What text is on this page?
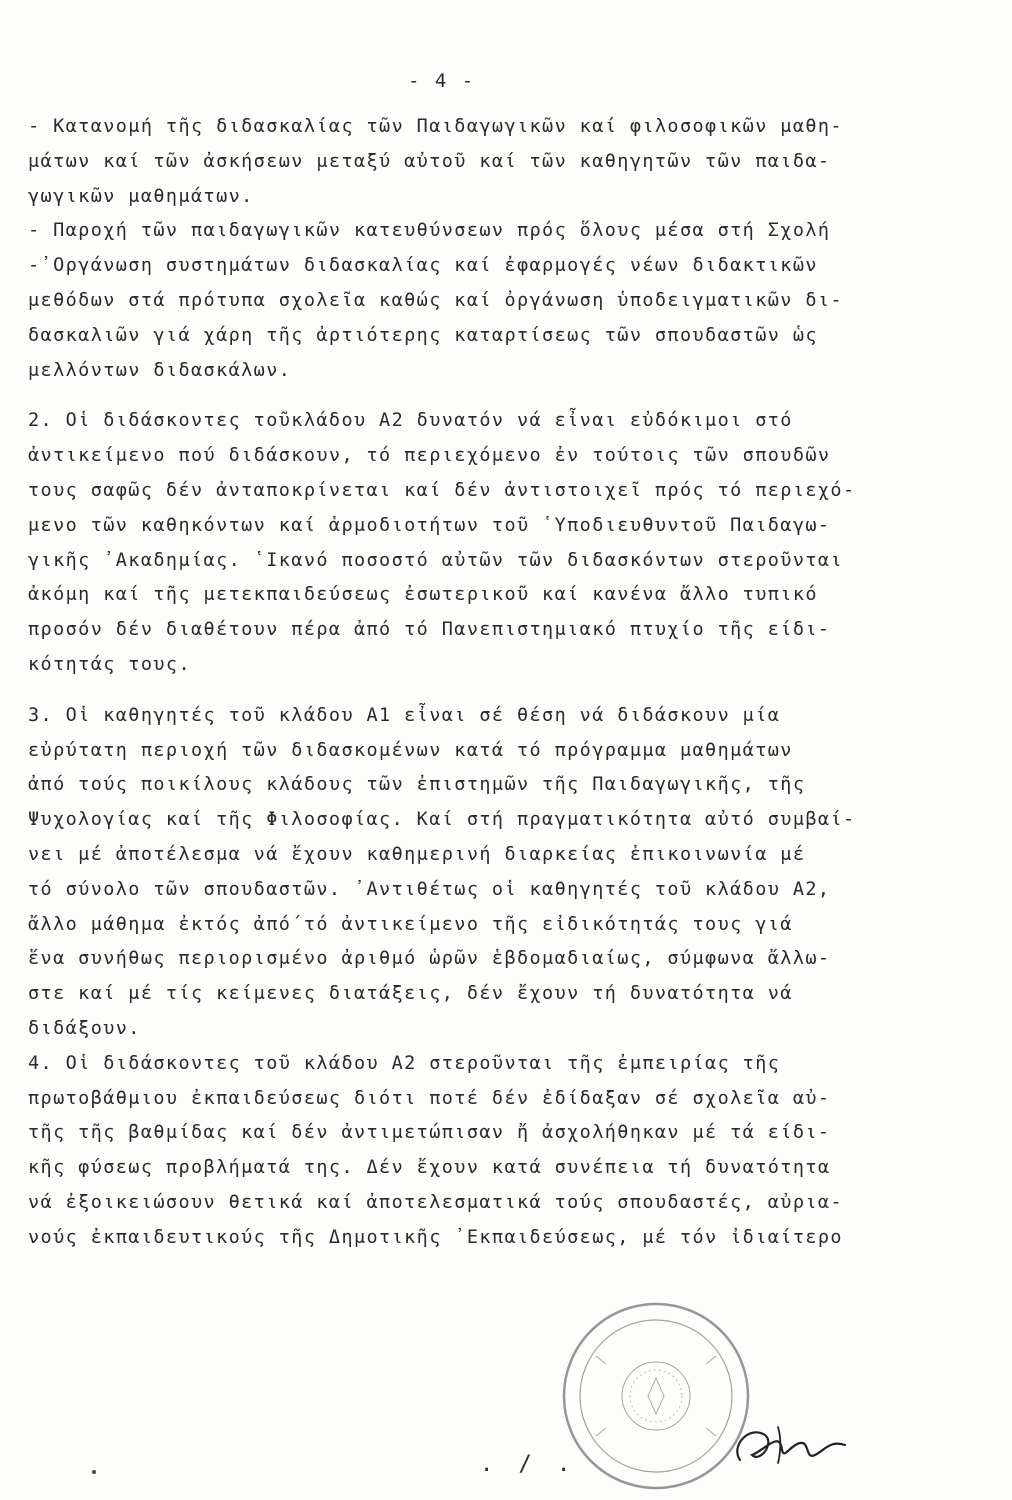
- 4 -
- Κατανομή τῆς διδασκαλίας τῶν Παιδαγωγικῶν καί φιλοσοφικῶν μαθη-
μάτων καί τῶν ἀσκήσεων μεταξύ αὐτοῦ καί τῶν καθηγητῶν τῶν παιδα-
γωγικῶν μαθημάτων.
- Παροχή τῶν παιδαγωγικῶν κατευθύνσεων πρός ὅλους μέσα στή Σχολή
-᾿Οργάνωση συστημάτων διδασκαλίας καί ἐφαρμογές νέων διδακτικῶν
μεθόδων στά πρότυπα σχολεῖα καθώς καί ὀργάνωση ὑποδειγματικῶν δι-
δασκαλιῶν γιά χάρη τῆς ἀρτιότερης καταρτίσεως τῶν σπουδαστῶν ὡς
μελλόντων διδασκάλων.
2. Οἱ διδάσκοντες τοῦκλάδου Α2 δυνατόν νά εἶναι εὐδόκιμοι στό
ἀντικείμενο πού διδάσκουν, τό περιεχόμενο ἐν τούτοις τῶν σπουδῶν
τους σαφῶς δέν ἀνταποκρίνεται καί δέν ἀντιστοιχεῖ πρός τό περιεχό-
μενο τῶν καθηκόντων καί ἁρμοδιοτήτων τοῦ ῾Υποδιευθυντοῦ Παιδαγω-
γικῆς ᾿Ακαδημίας. ῾Ικανό ποσοστό αὐτῶν τῶν διδασκόντων στεροῦνται
ἀκόμη καί τῆς μετεκπαιδεύσεως ἐσωτερικοῦ καί κανένα ἄλλο τυπικό
προσόν δέν διαθέτουν πέρα ἀπό τό Πανεπιστημιακό πτυχίο τῆς είδι-
κότητάς τους.
3. Οἱ καθηγητές τοῦ κλάδου Α1 εἶναι σέ θέση νά διδάσκουν μία
εὐρύτατη περιοχή τῶν διδασκομένων κατά τό πρόγραμμα μαθημάτων
ἀπό τούς ποικίλους κλάδους τῶν ἐπιστημῶν τῆς Παιδαγωγικῆς, τῆς
Ψυχολογίας καί τῆς Φιλοσοφίας. Καί στή πραγματικότητα αὐτό συμβαί-
νει μέ ἀποτέλεσμα νά ἔχουν καθημερινή διαρκείας ἐπικοινωνία μέ
τό σύνολο τῶν σπουδαστῶν. ᾿Αντιθέτως οἱ καθηγητές τοῦ κλάδου Α2,
ἄλλο μάθημα ἐκτός ἀπό΄τό ἀντικείμενο τῆς εἰδικότητάς τους γιά
ἕνα συνήθως περιορισμένο ἀριθμό ὡρῶν ἑβδομαδιαίως, σύμφωνα ἄλλω-
στε καί μέ τίς κείμενες διατάξεις, δέν ἔχουν τή δυνατότητα νά
διδάξουν.
4. Οἱ διδάσκοντες τοῦ κλάδου Α2 στεροῦνται τῆς ἐμπειρίας τῆς
πρωτοβάθμιου ἐκπαιδεύσεως διότι ποτέ δέν ἐδίδαξαν σέ σχολεῖα αὐ-
τῆς τῆς βαθμίδας καί δέν ἀντιμετώπισαν ἤ ἀσχολήθηκαν μέ τά είδι-
κῆς φύσεως προβλήματά της. Δέν ἔχουν κατά συνέπεια τή δυνατότητα
νά ἐξοικειώσουν θετικά καί ἀποτελεσματικά τούς σπουδαστές, αὐρια-
νούς ἐκπαιδευτικούς τῆς Δημοτικῆς ᾿Εκπαιδεύσεως, μέ τόν ἰδιαίτερο
. / .
